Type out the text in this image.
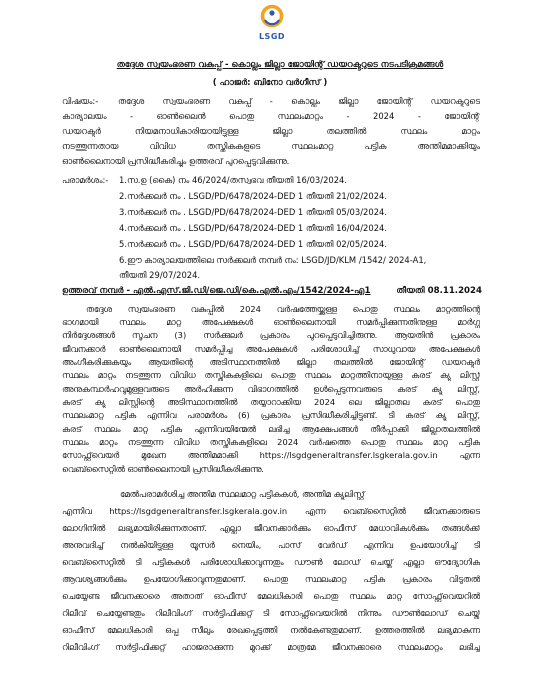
LSGD
തദ്ദേശ സ്വയംഭരണ വകുപ്പ് - കൊല്ലം ജില്ലാ ജോയിന്റ് ഡയറക്ടറുടെ നടപടിക്രമങ്ങൾ
( ഹാജർ: ബിനോ വർഗീസ് )
വിഷയം:- തദ്ദേശ സ്വയംഭരണ വകുപ്പ് - കൊല്ലം ജില്ലാ ജോയിന്റ് ഡയറക്ടറുടെ
കാര്യാലയം - ഓൺലൈൻ പൊതു സ്ഥലംമാറ്റം - 2024 - ജോയിന്റ്
ഡയറക്ടർ നിയമനാധികാരിയായിട്ടുള്ള ജില്ലാ തലത്തിൽ സ്ഥലം മാറ്റം
നടത്തുന്നതായ വിവിധ തസ്തികകളുടെ സ്ഥലംമാറ്റ പട്ടിക അന്തിമമാക്കിയും
ഓൺലൈനായി പ്രസിദ്ധീകരിച്ചും ഉത്തരവ് പുറപ്പെടുവിക്കുന്നു.
പരാമർശം:- 1.സ.ഉ (കൈ) നം 46/2024/തസ്വഭവ തീയതി 16/03/2024.
2.സർക്കലർ നം . LSGD/PD/6478/2024-DED 1 തീയതി 21/02/2024.
3.സർക്കലർ നം . LSGD/PD/6478/2024-DED 1 തീയതി 05/03/2024.
4.സർക്കലർ നം . LSGD/PD/6478/2024-DED 1 തീയതി 16/04/2024.
5.സർക്കലർ നം . LSGD/PD/6478/2024-DED 1 തീയതി 02/05/2024.
6.ഈ കാര്യാലയത്തിലെ സർക്കലർ നമ്പർ നം: LSGD/JD/KLM /1542/ 2024-A1,
തീയതി 29/07/2024.
ഉത്തരവ് നമ്പർ - എൽ.എസ്.ജി.ഡി/ജെ.ഡി/കെ.എൽ.എം/1542/2024-എ1	തീയതി 08.11.2024
തദ്ദേശ സ്വയംഭരണ വകുപ്പിൽ 2024 വർഷത്തേയ്ക്കുള്ള പൊതു സ്ഥലം മാറ്റത്തിന്റെ
ഭാഗമായി സ്ഥലം മാറ്റ അപേക്ഷകൾ ഓൺലൈനായി സമർപ്പിക്കുന്നതിനുള്ള മാർഗ്ഗ
നിർദ്ദേശങ്ങൾ സൂചന (3) സർക്കുലർ പ്രകാരം പുറപ്പെടുവിച്ചിരുന്നു. ആയതിൻ പ്രകാരം
ജീവനക്കാർ ഓൺലൈനായി സമർപ്പിച്ച അപേക്ഷകൾ പരിശോധിച്ച് സാധുവായ അപേക്ഷകൾ
അംഗീകരിക്കുകയും ആയതിന്റെ അടിസ്ഥാനത്തിൽ ജില്ലാ തലത്തിൽ ജോയിന്റ് ഡയറക്ടർ
സ്ഥലം മാറ്റം നടത്തുന്ന വിവിധ തസ്തികകളിലെ പൊതു സ്ഥലം മാറ്റത്തിനായുള്ള കരട് ക്യു ലിസ്റ്റ്
അനുകമ്പാർഹവുമുള്ളവരുടെ അർഹിക്കുന്ന വിഭാഗത്തിൽ ഉൾപ്പെടുന്നവരുടെ കരട് ക്യു ലിസ്റ്റ്,
കരട് ക്യു ലിസ്റ്റിന്റെ അടിസ്ഥാനത്തിൽ തയ്യാറാക്കിയ 2024 ലെ ജില്ലാതല കരട് പൊതു
സ്ഥലംമാറ്റ പട്ടിക എന്നിവ പരാമർശം (6) പ്രകാരം പ്രസിദ്ധീകരിച്ചിട്ടുണ്ട്. ടി കരട് ക്യു ലിസ്റ്റ്,
കരട് സ്ഥലം മാറ്റ പട്ടിക എന്നിവയിന്മേൽ ലഭിച്ച ആക്ഷേപങ്ങൾ തീർപ്പാക്കി ജില്ലാതലത്തിൽ
സ്ഥലം മാറ്റം നടത്തുന്ന വിവിധ തസ്തികകളിലെ 2024 വർഷത്തെ പൊതു സ്ഥലം മാറ്റ പട്ടിക
സോഫ്റ്റ്‌വെയർ മുഖേന അന്തിമമാക്കി https://lsgdgeneraltransfer.lsgkerala.gov.in എന്ന
വെബ്‌സൈറ്റിൽ ഓൺലൈനായി പ്രസിദ്ധീകരിക്കുന്നു.
മേൽപരാമർശിച്ച അന്തിമ സ്ഥലമാറ്റ പട്ടികകൾ, അന്തിമ ക്യുലിസ്റ്റ്
എന്നിവ https://lsgdgeneraltransfer.lsgkerala.gov.in എന്ന വെബ്‌സൈറ്റിൽ ജീവനക്കാരുടെ
ലോഗിനിൽ ലഭ്യമായിരിക്കുന്നതാണ്. എല്ലാ ജീവനക്കാർക്കും ഓഫീസ് മേധാവികൾക്കും തങ്ങൾക്ക്
അനുവദിച്ച് നൽകിയിട്ടുള്ള യൂസർ നെയിം, പാസ് വേർഡ് എന്നിവ ഉപയോഗിച്ച് ടി
വെബ്‌സൈറ്റിൽ ടി പട്ടികകൾ പരിശോധിക്കാവുന്നതും ഡൗൺ ലോഡ് ചെയ്ത് എല്ലാ ഔദ്യോഗിക
ആവശ്യങ്ങൾക്കും ഉപയോഗിക്കാവുന്നതുമാണ്. പൊതു സ്ഥലംമാറ്റ പട്ടിക പ്രകാരം വിടുതൽ
ചെയ്യേണ്ട ജീവനക്കാരെ അതാത് ഓഫീസ് മേലധികാരി പൊതു സ്ഥലം മാറ്റ സോഫ്റ്റ്‌വെയറിൽ
റിലീവ് ചെയ്യേണ്ടതും റിലീവിംഗ് സർട്ടിഫിക്കറ്റ് ടി സോഫ്റ്റ്‌വെയറിൽ നിന്നും ഡൗൺലോഡ് ചെയ്ത്
ഓഫീസ് മേലധികാരി ഒപ്പു സീലും രേഖപ്പെടുത്തി നൽകേണ്ടതുമാണ്. ഉത്തരത്തിൽ ലഭ്യമാകുന്ന
റിലീവിംഗ് സർട്ടിഫിക്കറ്റ് ഹാജരാക്കുന്ന മുറക്ക് മാത്രമേ ജീവനക്കാരെ സ്ഥലംമാറ്റം ലഭിച്ച
